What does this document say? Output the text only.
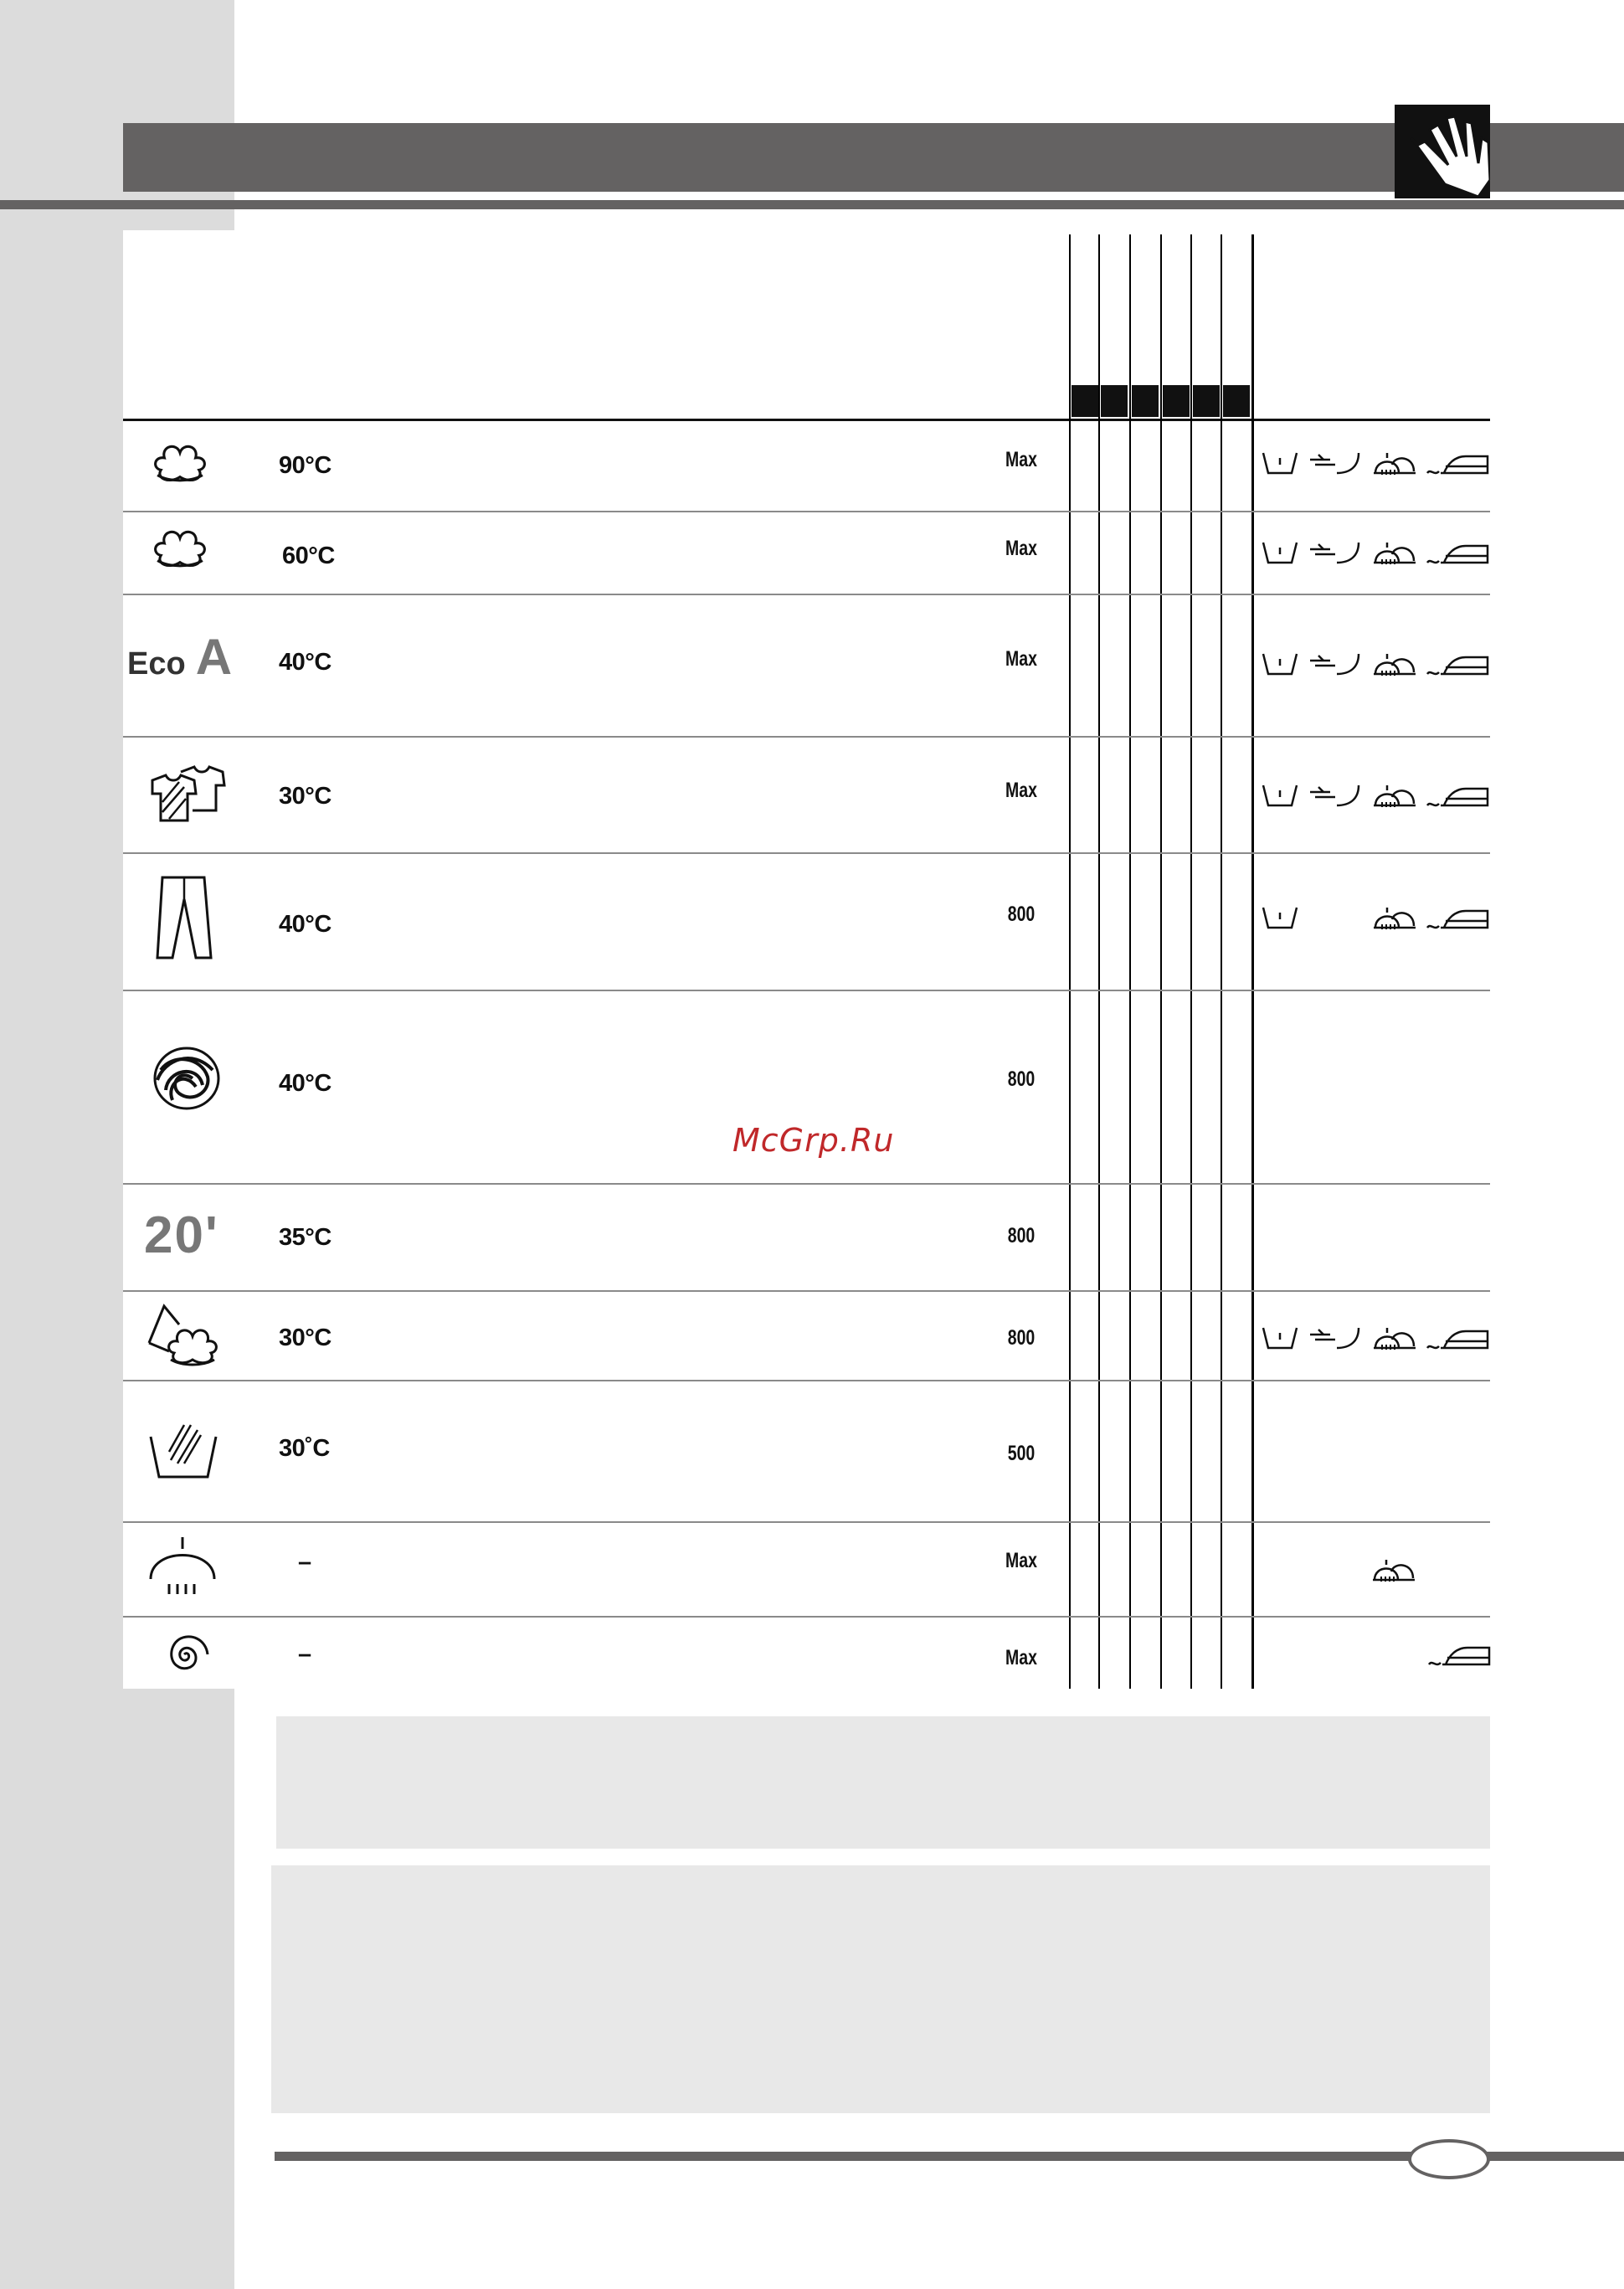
90°C	Max
60°C	Max
Eco A 40°C	Max
30°C	Max
40°C	800
40°C	800
McGrp.Ru
20' 35°C	800
30°C	800
30˚C	500
–	Max
–	Max
